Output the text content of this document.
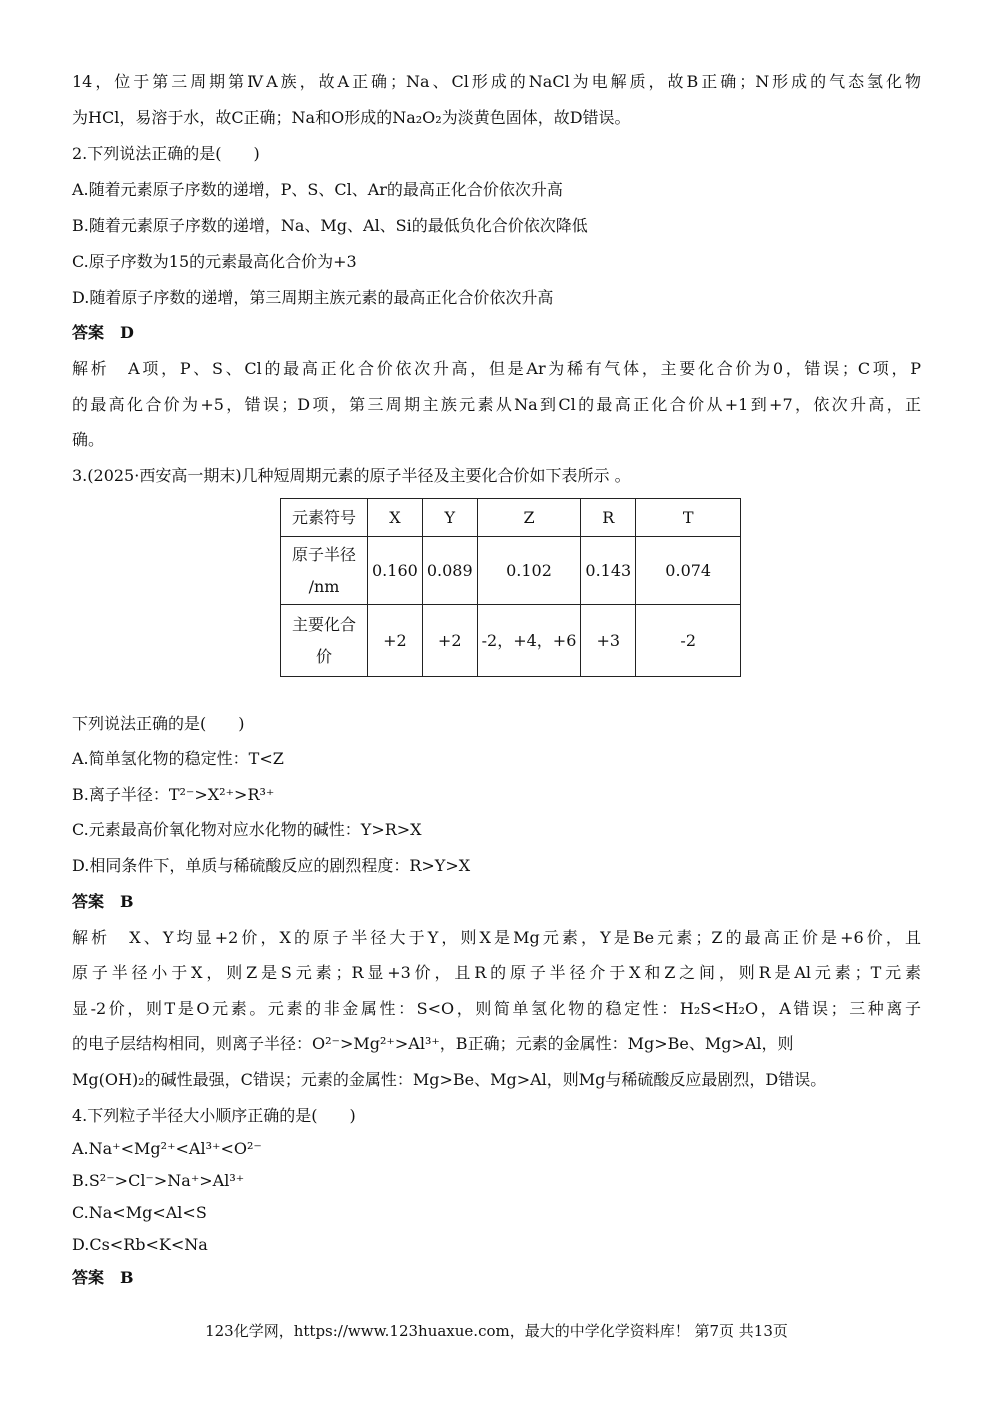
14，位于第三周期第ⅣA族，故A正确；Na、Cl形成的NaCl为电解质，故B正确；N形成的气态氢化物
为HCl，易溶于水，故C正确；Na和O形成的Na₂O₂为淡黄色固体，故D错误。
2.下列说法正确的是(　　)
A.随着元素原子序数的递增，P、S、Cl、Ar的最高正化合价依次升高
B.随着元素原子序数的递增，Na、Mg、Al、Si的最低负化合价依次降低
C.原子序数为15的元素最高化合价为+3
D.随着原子序数的递增，第三周期主族元素的最高正化合价依次升高
答案　D
解析　A项，P、S、Cl的最高正化合价依次升高，但是Ar为稀有气体，主要化合价为0，错误；C项，P
的最高化合价为+5，错误；D项，第三周期主族元素从Na到Cl的最高正化合价从+1到+7，依次升高，正
确。
3.(2025·西安高一期末)几种短周期元素的原子半径及主要化合价如下表所示 。
元素符号	X	Y	Z	R	T
原子半径
/nm	0.160	0.089	0.102	0.143	0.074
主要化合
价	+2	+2	-2，+4，+6	+3	-2
下列说法正确的是(　　)
A.简单氢化物的稳定性：T<Z
B.离子半径：T²⁻>X²⁺>R³⁺
C.元素最高价氧化物对应水化物的碱性：Y>R>X
D.相同条件下，单质与稀硫酸反应的剧烈程度：R>Y>X
答案　B
解析　X、Y均显+2价，X的原子半径大于Y，则X是Mg元素，Y是Be元素；Z的最高正价是+6价，且
原子半径小于X，则Z是S元素；R显+3价，且R的原子半径介于X和Z之间，则R是Al元素；T元素
显-2价，则T是O元素。元素的非金属性：S<O，则简单氢化物的稳定性：H₂S<H₂O，A错误；三种离子
的电子层结构相同，则离子半径：O²⁻>Mg²⁺>Al³⁺，B正确；元素的金属性：Mg>Be、Mg>Al，则
Mg(OH)₂的碱性最强，C错误；元素的金属性：Mg>Be、Mg>Al，则Mg与稀硫酸反应最剧烈，D错误。
4.下列粒子半径大小顺序正确的是(　　)
A.Na⁺<Mg²⁺<Al³⁺<O²⁻
B.S²⁻>Cl⁻>Na⁺>Al³⁺
C.Na<Mg<Al<S
D.Cs<Rb<K<Na
答案　B
123化学网，https://www.123huaxue.com，最大的中学化学资料库！ 第7页 共13页
